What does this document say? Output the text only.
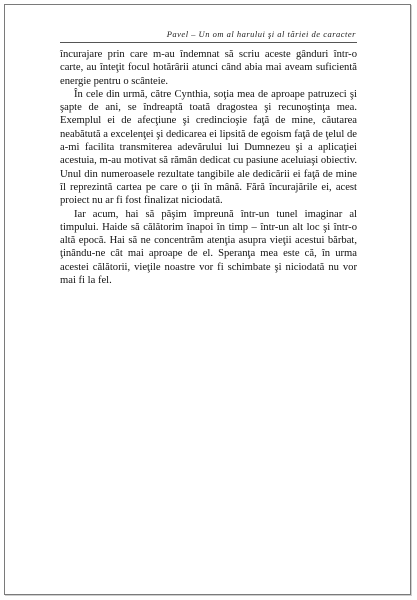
Pavel – Un om al harului şi al tăriei de caracter

încurajare prin care m-au îndemnat să scriu aceste gânduri într-o carte, au înteţit focul hotărârii atunci când abia mai aveam suficientă energie pentru o scânteie.

În cele din urmă, către Cynthia, soţia mea de aproape patruzeci şi şapte de ani, se îndreaptă toată dragostea şi recunoştinţa mea. Exemplul ei de afecţiune şi credincioşie faţă de mine, căutarea neabătută a excelenţei şi dedicarea ei lipsită de egoism faţă de ţelul de a-mi facilita transmiterea adevărului lui Dumnezeu şi a aplicaţiei acestuia, m-au motivat să rămân dedicat cu pasiune aceluiaşi obiectiv. Unul din numeroasele rezultate tangibile ale dedicării ei faţă de mine îl reprezintă cartea pe care o ţii în mână. Fără încurajările ei, acest proiect nu ar fi fost finalizat niciodată.

Iar acum, hai să păşim împreună într-un tunel imaginar al timpului. Haide să călătorim înapoi în timp – într-un alt loc şi într-o altă epocă. Hai să ne concentrăm atenţia asupra vieţii acestui bărbat, ţinându-ne cât mai aproape de el. Speranţa mea este că, în urma acestei călătorii, vieţile noastre vor fi schimbate şi niciodată nu vor mai fi la fel.
